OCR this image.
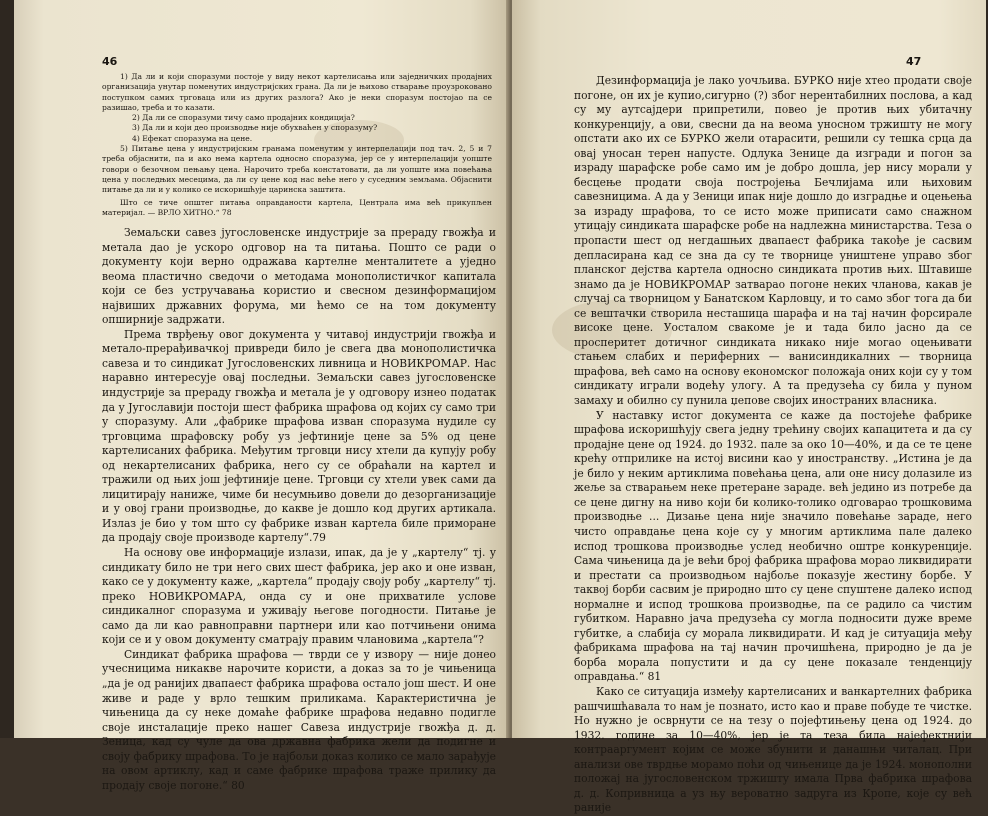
46

1) Да ли и који споразуми постоје у виду некот картелисања или заједничких продајних организација унутар поменутих индустријских грана. Да ли је њихово стварање проузроковано поступком самих трговаца или из других разлога? Ако је неки споразум постојао па се разишао, треба и то казати.

2) Да ли се споразуми тичу само продајних кондиција?

3) Да ли и који део производње није обухваћен у споразуму?

4) Ефекат споразума на цене.

5) Питање цена у индустријским гранама поменутим у интерпелацији под тач. 2, 5 и 7 треба објаснити, па и ако нема картела односно споразума, јер се у интерпелацији уопште говори о безочном пењању цена. Нарочито треба констатовати, да ли уопште има повећања цена у последњих месецима, да ли су цене код нас веће него у суседним земљама. Објаснити питање да ли и у колико се искоришћује царинска заштита.

Што се тиче општег питања оправданости картела, Централа има већ прикупљен материјал. — ВРЛО ХИТНО.“ 78

Земаљски савез југословенске индустрије за прераду гвожђа и метала дао је ускоро одговор на та питања. Пошто се ради о документу који верно одражава картелне менталитете а уједно веома пластично сведочи о методама монополистичког капитала који се без устручавања користио и свесном дезинформацијом највиших државних форума, ми ћемо се на том документу опширније задржати.

Према тврђењу овог документа у читавој индустрији гвожђа и метало-прерађивачкој привреди било је свега два монополистичка савеза и то синдикат Југословенских ливница и НОВИКРОМАР. Нас наравно интересује овај последњи. Земаљски савез југословенске индустрије за прераду гвожђа и метала је у одговору изнео податак да у Југославији постоји шест фабрика шрафова од којих су само три у споразуму. Али „фабрике шрафова изван споразума нудиле су трговцима шрафовску робу уз јефтиније цене за 5% од цене картелисаних фабрика. Међутим трговци нису хтели да купују робу од некартелисаних фабрика, него су се обраћали на картел и тражили од њих још јефтиније цене. Трговци су хтели увек сами да лицитирају наниже, чиме би несумњиво довели до дезорганизације и у овој грани производње, до какве је дошло код других артикала. Излаз је био у том што су фабрике изван картела биле приморане да продају своје производе картелу“.79

На основу ове информације излази, ипак, да је у „картелу“ тј. у синдикату било не три него свих шест фабрика, јер ако и оне изван, како се у документу каже, „картела“ продају своју робу „картелу“ тј. преко НОВИКРОМАРА, онда су и оне прихватиле услове синдикалног споразума и уживају његове погодности. Питање је само да ли као равноправни партнери или као потчињени онима који се и у овом документу сматрају правим члановима „картела“?

Синдикат фабрика шрафова — тврди се у извору — није донео учесницима никакве нарочите користи, а доказ за то је чињеница „да је од ранијих двапаест фабрика шрафова остало још шест. И оне живе и раде у врло тешким приликама. Карактеристична је чињеница да су неке домаће фабрике шрафова недавно подигле своје инсталације преко нашег Савеза индустрије гвожђа д. д. Зеница, кад су чуле да ова државна фабрика жели да подигне и своју фабрику шрафова. То је најбољи доказ колико се мало зарађује на овом артиклу, кад и саме фабрике шрафова траже прилику да продају своје погоне.“ 80

47

Дезинформација је лако уочљива. БУРКО није хтео продати своје погоне, он их је купио,сигурно (?) због нерентабилних послова, а кад су му аутсајдери припретили, повео је против њих убитачну конкуренцију, а ови, свесни да на веома уносном тржишту не могу опстати ако их се БУРКО жели отарасити, решили су тешка срца да овај уносан терен напусте. Одлука Зенице да изгради и погон за израду шарафске робе само им је добро дошла, јер нису морали у бесцење продати своја постројења Бечлијама или њиховим савезницима. А да у Зеници ипак није дошло до изградње и оцењења за израду шрафова, то се исто може приписати само снажном утицају синдиката шарафске робе на надлежна министарства. Теза о пропасти шест од негдашњих двапаест фабрика такође је сасвим депласирана кад се зна да су те творнице уништене управо због планског дејства картела односно синдиката против њих. Штавише знамо да је НОВИКРОМАР затварао погоне неких чланова, какав је случај са творницом у Банатском Карловцу, и то само због тога да би се вештачки створила несташица шарафа и на тај начин форсирале високе цене. Уосталом свакоме је и тада било јасно да се просперитет дотичног синдиката никако није могао оцењивати стањем слабих и периферних — ванисиндикалних — творница шрафова, већ само на основу економског положаја оних који су у том синдикату играли водећу улогу. А та предузећа су била у пуном замаху и обилно су пунила џепове својих иностраних власника.

У наставку истог документа се каже да постојеће фабрике шрафова искоришћују свега једну трећину својих капацитета и да су продајне цене од 1924. до 1932. пале за око 10—40%, и да се те цене крећу отприлике на истој висини као у иностранству. „Истина је да је било у неким артиклима повећања цена, али оне нису долазиле из жеље за стварањем неке претеране зараде. већ једино из потребе да се цене дигну на ниво који би колико-толико одговарао трошковима производње ... Дизање цена није значило повећање зараде, него чисто оправдање цена које су у многим артиклима пале далеко испод трошкова производње услед необично оштре конкуренције. Сама чињеница да је већи број фабрика шрафова морао ликвидирати и престати са производњом најбоље показује жестину борбе. У таквој борби сасвим је природно што су цене спуштене далеко испод нормалне и испод трошкова производње, па се радило са чистим губитком. Наравно јача предузећа су могла подносити дуже време губитке, а слабија су морала ликвидирати. И кад је ситуација међу фабрикама шрафова на тај начин прочишћена, природно је да је борба морала попустити и да су цене показале тенденцију оправдања.“ 81

Како се ситуација између картелисаних и ванкартелних фабрика рашчишћавала то нам је познато, исто као и праве побуде те чистке. Но нужно је осврнути се на тезу о појефтињењу цена од 1924. до 1932. године за 10—40%, јер је та теза била најефектнији контрааргумент којим се може збунити и данашњи читалац. При анализи ове тврдње морамо поћи од чињенице да је 1924. монополни положај на југословенском тржишту имала Прва фабрика шрафова д. д. Копривница а уз њу вероватно задруга из Кропе, које су већ раније
